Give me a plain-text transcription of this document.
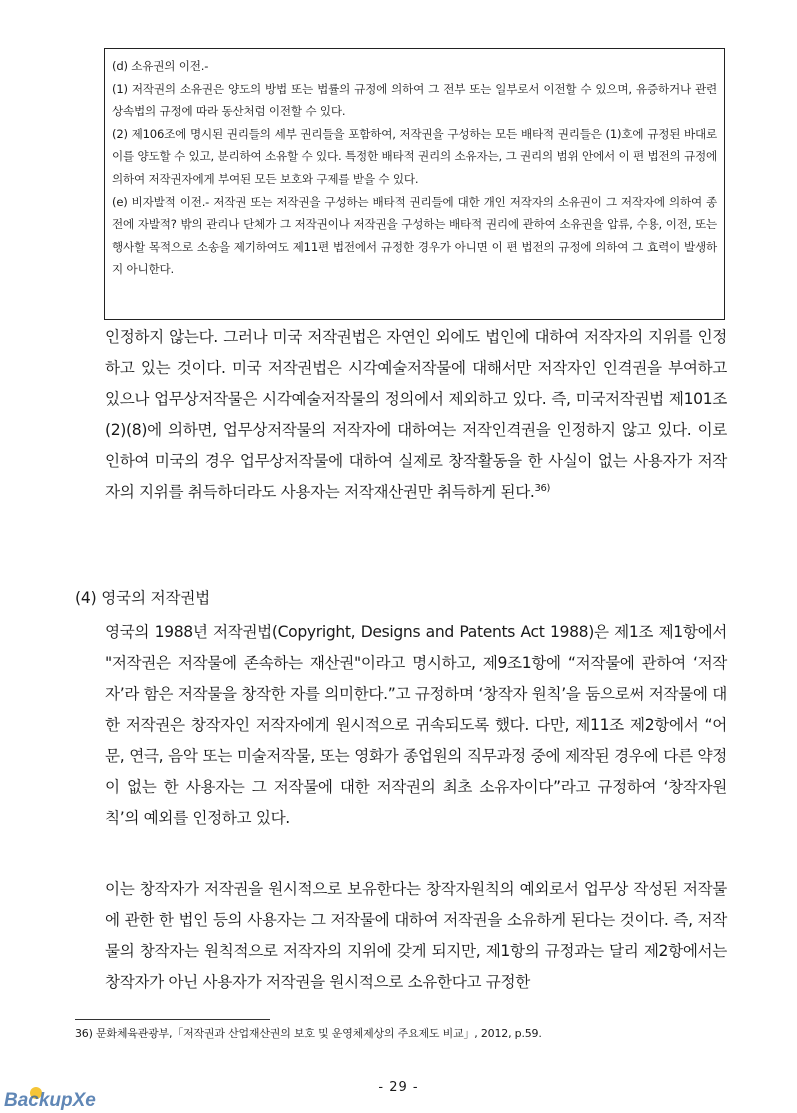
(d) 소유권의 이전.-

(1) 저작권의 소유권은 양도의 방법 또는 법률의 규정에 의하여 그 전부 또는 일부로서 이전할 수 있으며, 유증하거나 관련 상속법의 규정에 따라 동산처럼 이전할 수 있다.

(2) 제106조에 명시된 권리들의 세부 권리들을 포함하여, 저작권을 구성하는 모든 배타적 권리들은 (1)호에 규정된 바대로 이를 양도할 수 있고, 분리하여 소유할 수 있다. 특정한 배타적 권리의 소유자는, 그 권리의 범위 안에서 이 편 법전의 규정에 의하여 저작권자에게 부여된 모든 보호와 구제를 받을 수 있다.

(e) 비자발적 이전.- 저작권 또는 저작권을 구성하는 배타적 권리들에 대한 개인 저작자의 소유권이 그 저작자에 의하여 종전에 자발적? 밖의 관리나 단체가 그 저작권이나 저작권을 구성하는 배타적 권리에 관하여 소유권을 압류, 수용, 이전, 또는 행사할 목적으로 소송을 제기하여도 제11편 법전에서 규정한 경우가 아니면 이 편 법전의 규정에 의하여 그 효력이 발생하지 아니한다.

인정하지 않는다. 그러나 미국 저작권법은 자연인 외에도 법인에 대하여 저작자의 지위를 인정하고 있는 것이다. 미국 저작권법은 시각예술저작물에 대해서만 저작자인 인격권을 부여하고 있으나 업무상저작물은 시각예술저작물의 정의에서 제외하고 있다. 즉, 미국저작권법 제101조 (2)(8)에 의하면, 업무상저작물의 저작자에 대하여는 저작인격권을 인정하지 않고 있다. 이로 인하여 미국의 경우 업무상저작물에 대하여 실제로 창작활동을 한 사실이 없는 사용자가 저작자의 지위를 취득하더라도 사용자는 저작재산권만 취득하게 된다.$^{36)}$

(4) 영국의 저작권법

영국의 1988년 저작권법(Copyright, Designs and Patents Act 1988)은 제1조 제1항에서 "저작권은 저작물에 존속하는 재산권"이라고 명시하고, 제9조1항에 “저작물에 관하여 ‘저작자’라 함은 저작물을 창작한 자를 의미한다.”고 규정하며 ‘창작자 원칙’을 둠으로써 저작물에 대한 저작권은 창작자인 저작자에게 원시적으로 귀속되도록 했다. 다만, 제11조 제2항에서 “어문, 연극, 음악 또는 미술저작물, 또는 영화가 종업원의 직무과정 중에 제작된 경우에 다른 약정이 없는 한 사용자는 그 저작물에 대한 저작권의 최초 소유자이다”라고 규정하여 ‘창작자원칙’의 예외를 인정하고 있다.

이는 창작자가 저작권을 원시적으로 보유한다는 창작자원칙의 예외로서 업무상 작성된 저작물에 관한 한 법인 등의 사용자는 그 저작물에 대하여 저작권을 소유하게 된다는 것이다. 즉, 저작물의 창작자는 원칙적으로 저작자의 지위에 갖게 되지만, 제1항의 규정과는 달리 제2항에서는 창작자가 아닌 사용자가 저작권을 원시적으로 소유한다고 규정한

36) 문화체육관광부,「저작권과 산업재산권의 보호 및 운영체제상의 주요제도 비교」, 2012, p.59.

- 29 -
BackupXe
